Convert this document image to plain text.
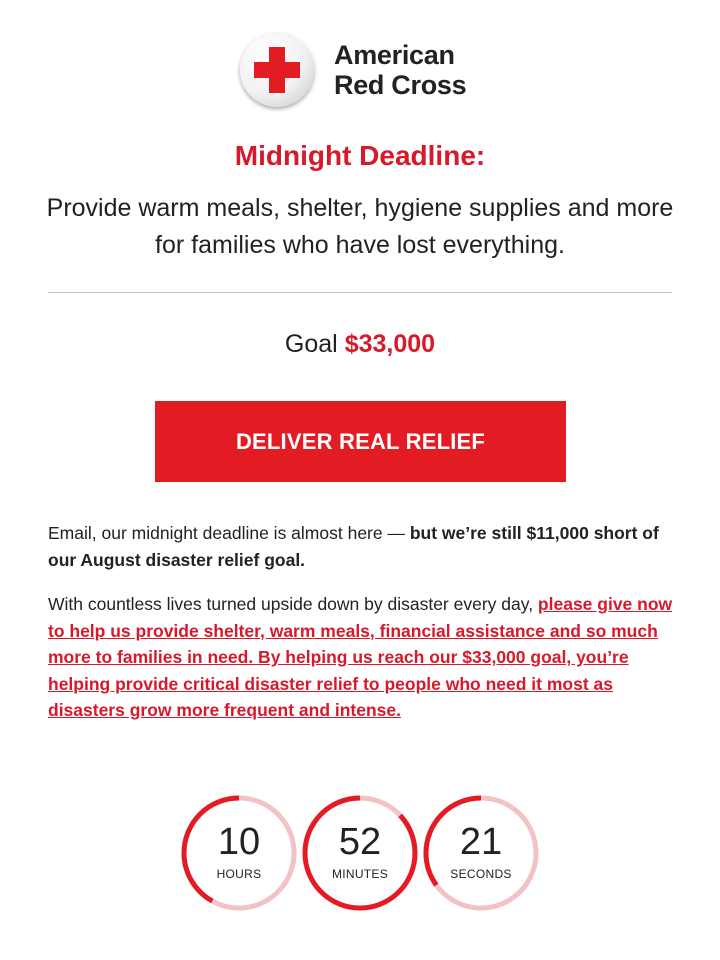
American
Red Cross
Midnight Deadline:

Provide warm meals, shelter, hygiene supplies and more for families who have lost everything.

Goal $33,000
DELIVER REAL RELIEF

Email, our midnight deadline is almost here — but we’re still $11,000 short of our August disaster relief goal.

With countless lives turned upside down by disaster every day, please give now to help us provide shelter, warm meals, financial assistance and so much more to families in need. By helping us reach our $33,000 goal, you’re helping provide critical disaster relief to people who need it most as disasters grow more frequent and intense.

10
HOURS
52
MINUTES
21
SECONDS
